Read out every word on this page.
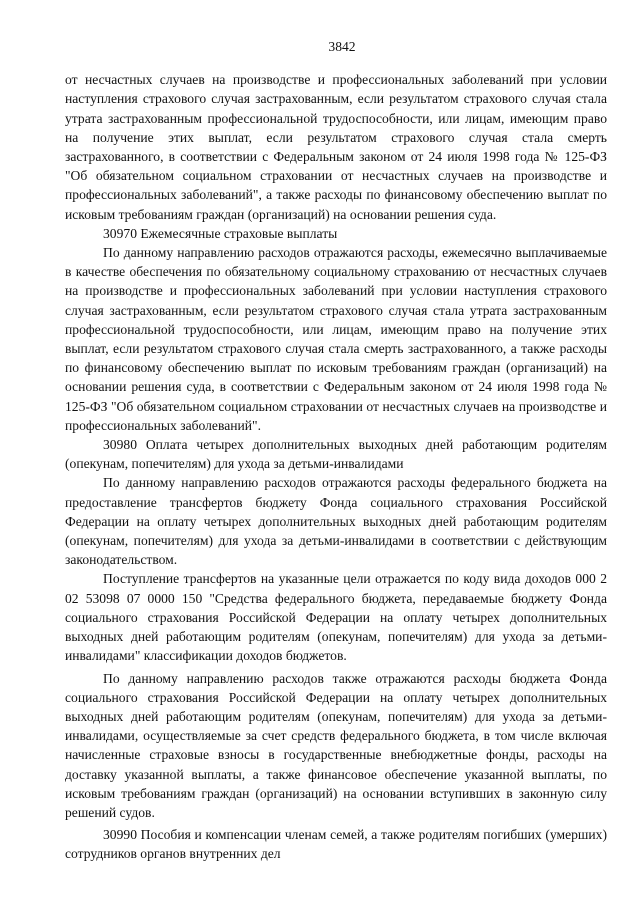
3842

от несчастных случаев на производстве и профессиональных заболеваний при условии наступления страхового случая застрахованным, если результатом страхового случая стала утрата застрахованным профессиональной трудоспособности, или лицам, имеющим право на получение этих выплат, если результатом страхового случая стала смерть застрахованного, в соответствии с Федеральным законом от 24 июля 1998 года № 125-ФЗ "Об обязательном социальном страховании от несчастных случаев на производстве и профессиональных заболеваний", а также расходы по финансовому обеспечению выплат по исковым требованиям граждан (организаций) на основании решения суда.

30970 Ежемесячные страховые выплаты

По данному направлению расходов отражаются расходы, ежемесячно выплачиваемые в качестве обеспечения по обязательному социальному страхованию от несчастных случаев на производстве и профессиональных заболеваний при условии наступления страхового случая застрахованным, если результатом страхового случая стала утрата застрахованным профессиональной трудоспособности, или лицам, имеющим право на получение этих выплат, если результатом страхового случая стала смерть застрахованного, а также расходы по финансовому обеспечению выплат по исковым требованиям граждан (организаций) на основании решения суда, в соответствии с Федеральным законом от 24 июля 1998 года № 125-ФЗ "Об обязательном социальном страховании от несчастных случаев на производстве и профессиональных заболеваний".

30980 Оплата четырех дополнительных выходных дней работающим родителям (опекунам, попечителям) для ухода за детьми-инвалидами

По данному направлению расходов отражаются расходы федерального бюджета на предоставление трансфертов бюджету Фонда социального страхования Российской Федерации на оплату четырех дополнительных выходных дней работающим родителям (опекунам, попечителям) для ухода за детьми-инвалидами в соответствии с действующим законодательством.

Поступление трансфертов на указанные цели отражается по коду вида доходов 000 2 02 53098 07 0000 150 "Средства федерального бюджета, передаваемые бюджету Фонда социального страхования Российской Федерации на оплату четырех дополнительных выходных дней работающим родителям (опекунам, попечителям) для ухода за детьми-инвалидами" классификации доходов бюджетов.

По данному направлению расходов также отражаются расходы бюджета Фонда социального страхования Российской Федерации на оплату четырех дополнительных выходных дней работающим родителям (опекунам, попечителям) для ухода за детьми-инвалидами, осуществляемые за счет средств федерального бюджета, в том числе включая начисленные страховые взносы в государственные внебюджетные фонды, расходы на доставку указанной выплаты, а также финансовое обеспечение указанной выплаты, по исковым требованиям граждан (организаций) на основании вступивших в законную силу решений судов.

30990 Пособия и компенсации членам семей, а также родителям погибших (умерших) сотрудников органов внутренних дел
